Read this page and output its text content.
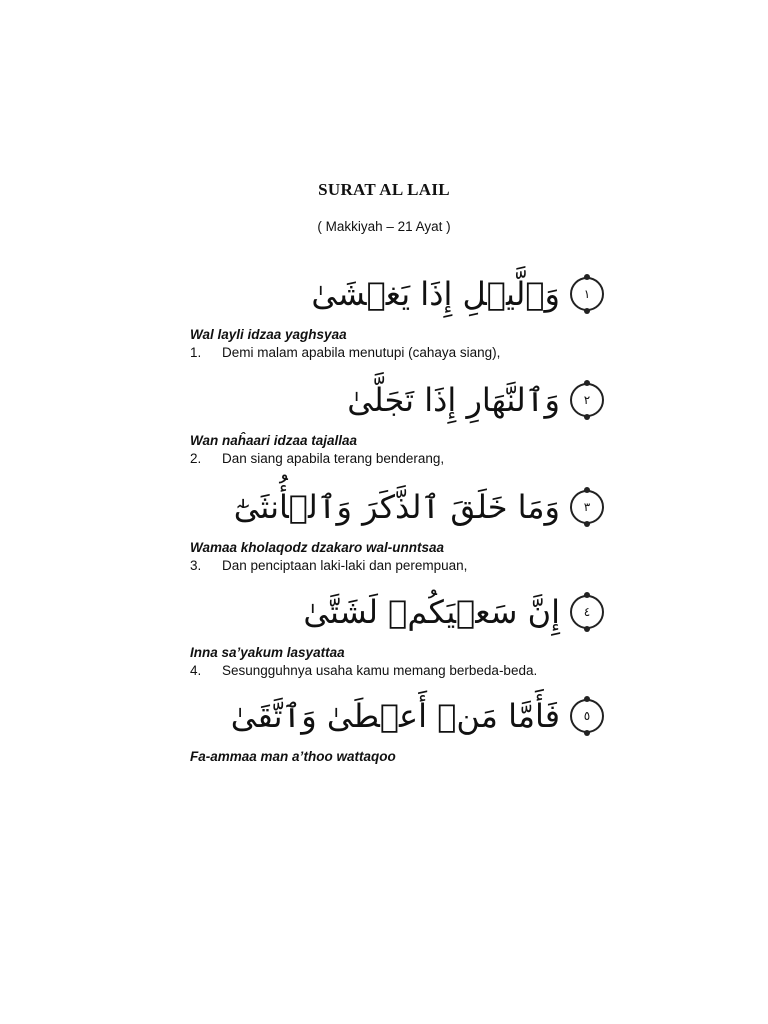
SURAT AL LAIL
( Makkiyah – 21 Ayat )
وَٱلَّيۡلِ إِذَا يَغۡشَىٰ	١
Wal layli idzaa yaghsyaa
1.	Demi malam apabila menutupi (cahaya siang),
وَٱلنَّهَارِ إِذَا تَجَلَّىٰ	٢
Wan naĥaari idzaa tajallaa
2.	Dan siang apabila terang benderang,
وَمَا خَلَقَ ٱلذَّكَرَ وَٱلۡأُنثَىٰٓ	٣
Wamaa kholaqodz dzakaro wal-unntsaa
3.	Dan penciptaan laki-laki dan perempuan,
إِنَّ سَعۡيَكُمۡ لَشَتَّىٰ	٤
Inna sa’yakum lasyattaa
4.	Sesungguhnya usaha kamu memang berbeda-beda.
فَأَمَّا مَنۡ أَعۡطَىٰ وَٱتَّقَىٰ	٥
Fa-ammaa man a’thoo wattaqoo
